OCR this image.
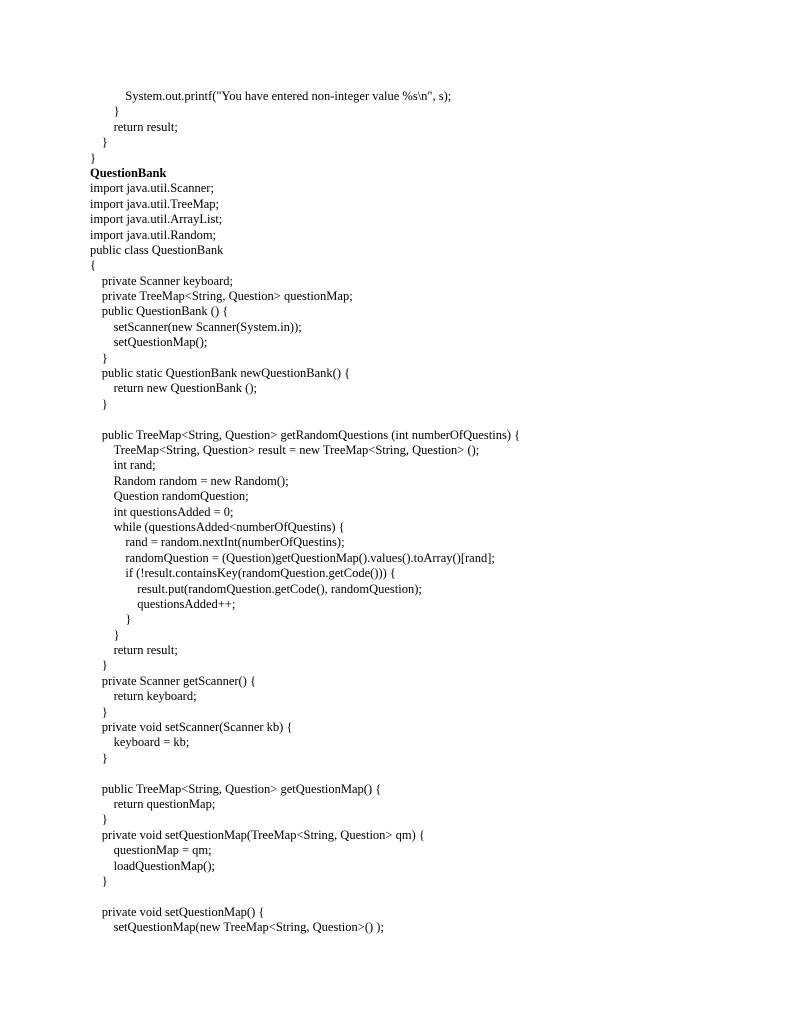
System.out.printf("You have entered non-integer value %s\n", s);
}
return result;
}
}
QuestionBank
import java.util.Scanner;
import java.util.TreeMap;
import java.util.ArrayList;
import java.util.Random;
public class QuestionBank
{
private Scanner keyboard;
private TreeMap<String, Question> questionMap;
public QuestionBank () {
setScanner(new Scanner(System.in));
setQuestionMap();
}
public static QuestionBank newQuestionBank() {
return new QuestionBank ();
}
public TreeMap<String, Question> getRandomQuestions (int numberOfQuestins) {
TreeMap<String, Question> result = new TreeMap<String, Question> ();
int rand;
Random random = new Random();
Question randomQuestion;
int questionsAdded = 0;
while (questionsAdded<numberOfQuestins) {
rand = random.nextInt(numberOfQuestins);
randomQuestion = (Question)getQuestionMap().values().toArray()[rand];
if (!result.containsKey(randomQuestion.getCode())) {
result.put(randomQuestion.getCode(), randomQuestion);
questionsAdded++;
}
}
return result;
}
private Scanner getScanner() {
return keyboard;
}
private void setScanner(Scanner kb) {
keyboard = kb;
}
public TreeMap<String, Question> getQuestionMap() {
return questionMap;
}
private void setQuestionMap(TreeMap<String, Question> qm) {
questionMap = qm;
loadQuestionMap();
}
private void setQuestionMap() {
setQuestionMap(new TreeMap<String, Question>() );
